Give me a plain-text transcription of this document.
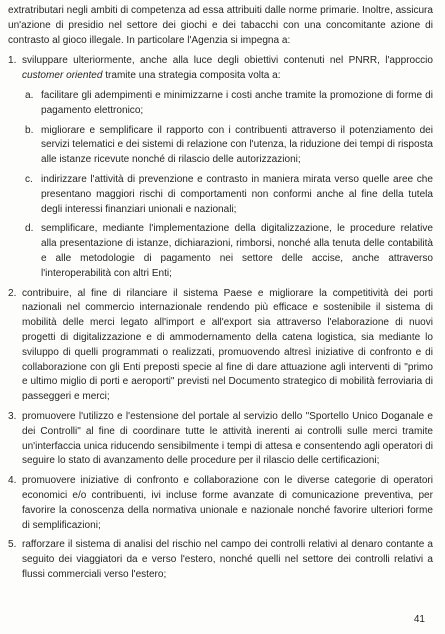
extratributari negli ambiti di competenza ad essa attribuiti dalle norme primarie. Inoltre, assicura un'azione di presidio nel settore dei giochi e dei tabacchi con una concomitante azione di contrasto al gioco illegale. In particolare l'Agenzia si impegna a:

1. sviluppare ulteriormente, anche alla luce degli obiettivi contenuti nel PNRR, l'approccio customer oriented tramite una strategia composita volta a:
a. facilitare gli adempimenti e minimizzarne i costi anche tramite la promozione di forme di pagamento elettronico;
b. migliorare e semplificare il rapporto con i contribuenti attraverso il potenziamento dei servizi telematici e dei sistemi di relazione con l'utenza, la riduzione dei tempi di risposta alle istanze ricevute nonché di rilascio delle autorizzazioni;
c. indirizzare l'attività di prevenzione e contrasto in maniera mirata verso quelle aree che presentano maggiori rischi di comportamenti non conformi anche al fine della tutela degli interessi finanziari unionali e nazionali;
d. semplificare, mediante l'implementazione della digitalizzazione, le procedure relative alla presentazione di istanze, dichiarazioni, rimborsi, nonché alla tenuta delle contabilità e alle metodologie di pagamento nei settore delle accise, anche attraverso l'interoperabilità con altri Enti;
2. contribuire, al fine di rilanciare il sistema Paese e migliorare la competitività dei porti nazionali nel commercio internazionale rendendo più efficace e sostenibile il sistema di mobilità delle merci legato all'import e all'export sia attraverso l'elaborazione di nuovi progetti di digitalizzazione e di ammodernamento della catena logistica, sia mediante lo sviluppo di quelli programmati o realizzati, promuovendo altresì iniziative di confronto e di collaborazione con gli Enti preposti specie al fine di dare attuazione agli interventi di "primo e ultimo miglio di porti e aeroporti" previsti nel Documento strategico di mobilità ferroviaria di passeggeri e merci;
3. promuovere l'utilizzo e l'estensione del portale al servizio dello "Sportello Unico Doganale e dei Controlli" al fine di coordinare tutte le attività inerenti ai controlli sulle merci tramite un'interfaccia unica riducendo sensibilmente i tempi di attesa e consentendo agli operatori di seguire lo stato di avanzamento delle procedure per il rilascio delle certificazioni;
4. promuovere iniziative di confronto e collaborazione con le diverse categorie di operatori economici e/o contribuenti, ivi incluse forme avanzate di comunicazione preventiva, per favorire la conoscenza della normativa unionale e nazionale nonché favorire ulteriori forme di semplificazioni;
5. rafforzare il sistema di analisi del rischio nel campo dei controlli relativi al denaro contante a seguito dei viaggiatori da e verso l'estero, nonché quelli nel settore dei controlli relativi a flussi commerciali verso l'estero;
41
